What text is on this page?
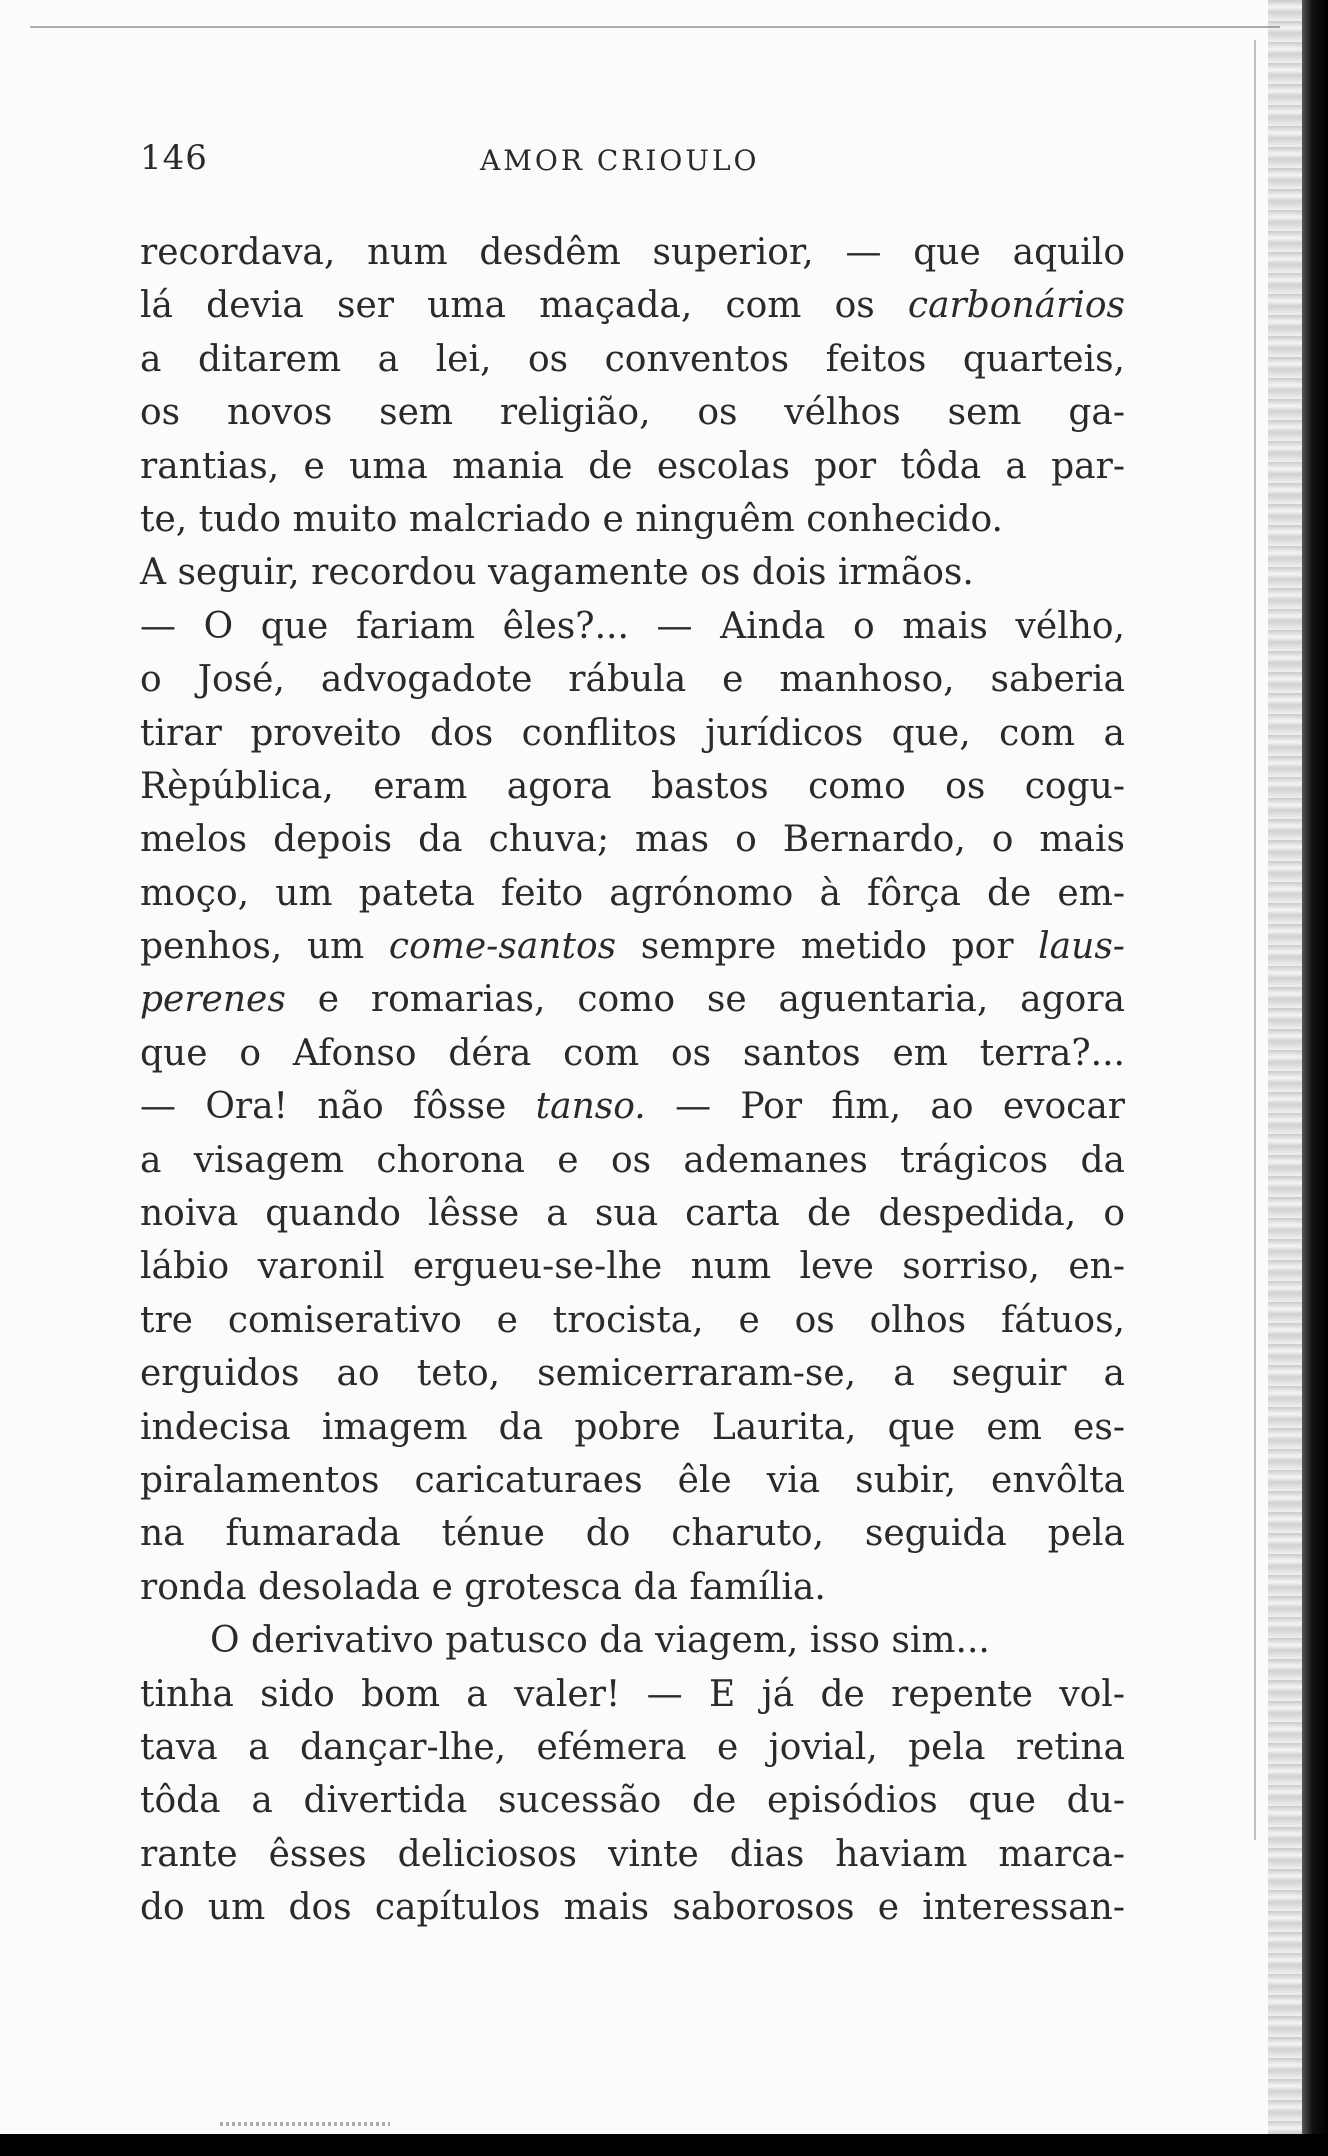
146	AMOR CRIOULO
recordava, num desdêm superior, — que aquilo
lá devia ser uma maçada, com os carbonários
a ditarem a lei, os conventos feitos quarteis,
os novos sem religião, os vélhos sem ga-
rantias, e uma mania de escolas por tôda a par-
te, tudo muito malcriado e ninguêm conhecido.
A seguir, recordou vagamente os dois irmãos.
— O que fariam êles?... — Ainda o mais vélho,
o José, advogadote rábula e manhoso, saberia
tirar proveito dos conflitos jurídicos que, com a
Rèpública, eram agora bastos como os cogu-
melos depois da chuva; mas o Bernardo, o mais
moço, um pateta feito agrónomo à fôrça de em-
penhos, um come-santos sempre metido por laus-
perenes e romarias, como se aguentaria, agora
que o Afonso déra com os santos em terra?...
— Ora! não fôsse tanso. — Por fim, ao evocar
a visagem chorona e os ademanes trágicos da
noiva quando lêsse a sua carta de despedida, o
lábio varonil ergueu-se-lhe num leve sorriso, en-
tre comiserativo e trocista, e os olhos fátuos,
erguidos ao teto, semicerraram-se, a seguir a
indecisa imagem da pobre Laurita, que em es-
piralamentos caricaturaes êle via subir, envôlta
na fumarada ténue do charuto, seguida pela
ronda desolada e grotesca da família.
O derivativo patusco da viagem, isso sim...
tinha sido bom a valer! — E já de repente vol-
tava a dançar-lhe, efémera e jovial, pela retina
tôda a divertida sucessão de episódios que du-
rante êsses deliciosos vinte dias haviam marca-
do um dos capítulos mais saborosos e interessan-
